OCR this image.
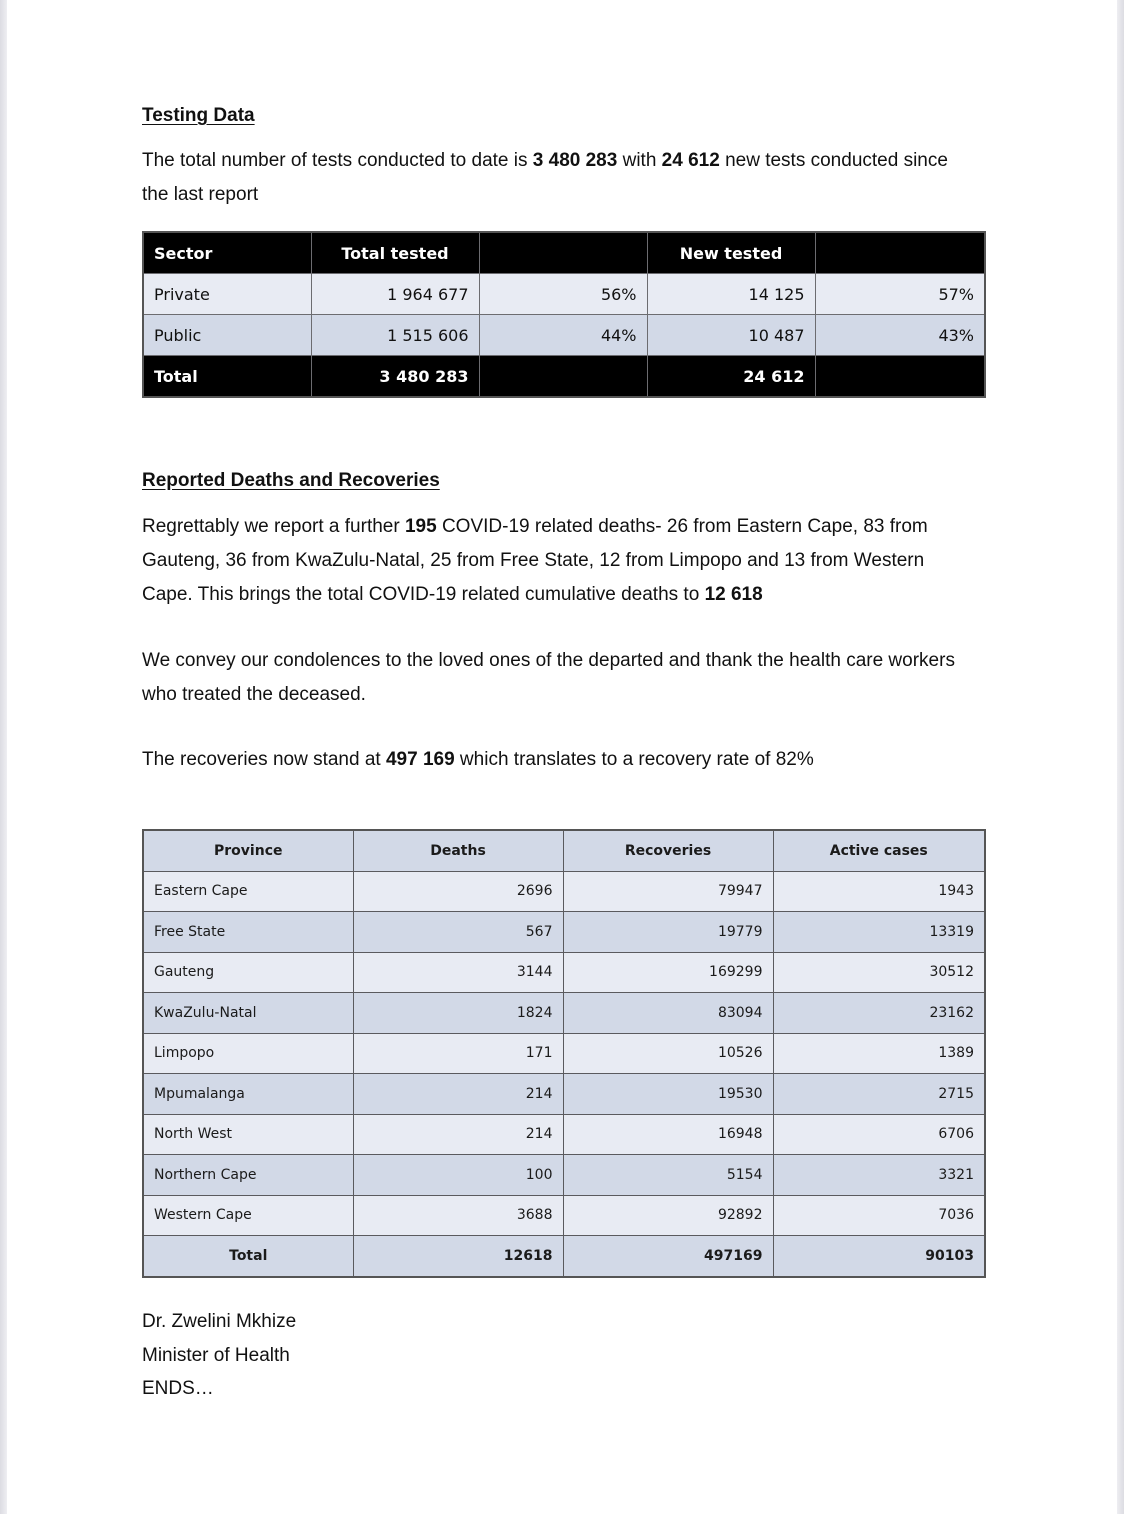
Testing Data

The total number of tests conducted to date is 3 480 283 with 24 612 new tests conducted since the last report

Sector	Total tested		New tested	
Private	1 964 677	56%	14 125	57%
Public	1 515 606	44%	10 487	43%
Total	3 480 283		24 612	
Reported Deaths and Recoveries

Regrettably we report a further 195 COVID-19 related deaths- 26 from Eastern Cape, 83 from Gauteng, 36 from KwaZulu-Natal, 25 from Free State, 12 from Limpopo and 13 from Western Cape. This brings the total COVID-19 related cumulative deaths to 12 618

We convey our condolences to the loved ones of the departed and thank the health care workers who treated the deceased.

The recoveries now stand at 497 169 which translates to a recovery rate of 82%

Province	Deaths	Recoveries	Active cases
Eastern Cape	2696	79947	1943
Free State	567	19779	13319
Gauteng	3144	169299	30512
KwaZulu-Natal	1824	83094	23162
Limpopo	171	10526	1389
Mpumalanga	214	19530	2715
North West	214	16948	6706
Northern Cape	100	5154	3321
Western Cape	3688	92892	7036
Total	12618	497169	90103

Dr. Zwelini Mkhize

Minister of Health

ENDS…
